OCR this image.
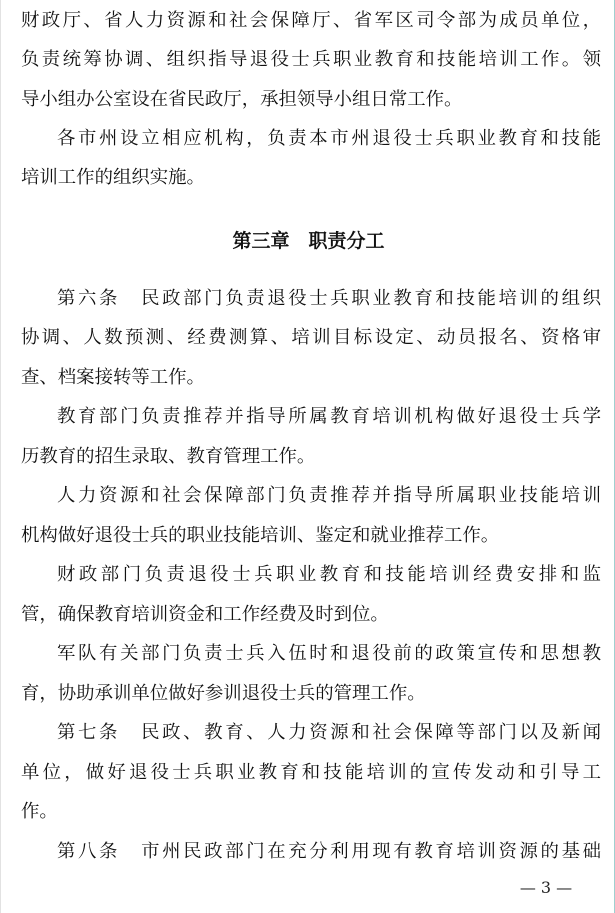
财政厅、省人力资源和社会保障厅、省军区司令部为成员单位，
负责统筹协调、组织指导退役士兵职业教育和技能培训工作。领
导小组办公室设在省民政厅，承担领导小组日常工作。
各市州设立相应机构，负责本市州退役士兵职业教育和技能
培训工作的组织实施。
第三章　职责分工
第六条　民政部门负责退役士兵职业教育和技能培训的组织
协调、人数预测、经费测算、培训目标设定、动员报名、资格审
查、档案接转等工作。
教育部门负责推荐并指导所属教育培训机构做好退役士兵学
历教育的招生录取、教育管理工作。
人力资源和社会保障部门负责推荐并指导所属职业技能培训
机构做好退役士兵的职业技能培训、鉴定和就业推荐工作。
财政部门负责退役士兵职业教育和技能培训经费安排和监
管，确保教育培训资金和工作经费及时到位。
军队有关部门负责士兵入伍时和退役前的政策宣传和思想教
育，协助承训单位做好参训退役士兵的管理工作。
第七条　民政、教育、人力资源和社会保障等部门以及新闻
单位，做好退役士兵职业教育和技能培训的宣传发动和引导工
作。
第八条　市州民政部门在充分利用现有教育培训资源的基础
— 3 —
